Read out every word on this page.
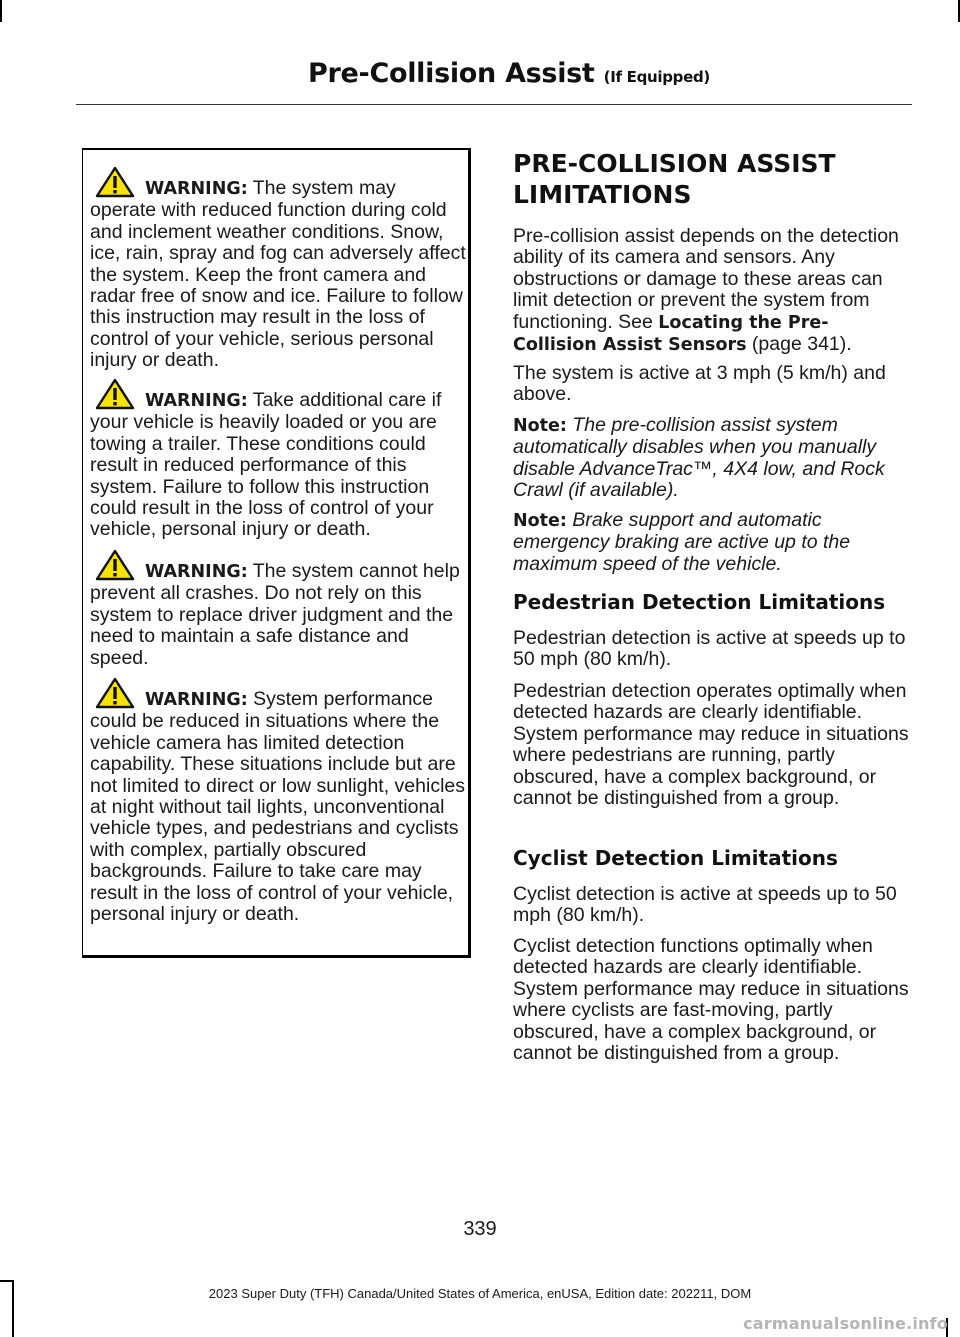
Pre-Collision Assist (If Equipped)

WARNING: The system may operate with reduced function during cold and inclement weather conditions. Snow, ice, rain, spray and fog can adversely affect the system. Keep the front camera and radar free of snow and ice. Failure to follow this instruction may result in the loss of control of your vehicle, serious personal injury or death.

WARNING: Take additional care if your vehicle is heavily loaded or you are towing a trailer. These conditions could result in reduced performance of this system. Failure to follow this instruction could result in the loss of control of your vehicle, personal injury or death.

WARNING: The system cannot help prevent all crashes. Do not rely on this system to replace driver judgment and the need to maintain a safe distance and speed.

WARNING: System performance could be reduced in situations where the vehicle camera has limited detection capability. These situations include but are not limited to direct or low sunlight, vehicles at night without tail lights, unconventional vehicle types, and pedestrians and cyclists with complex, partially obscured backgrounds. Failure to take care may result in the loss of control of your vehicle, personal injury or death.

PRE-COLLISION ASSIST LIMITATIONS

Pre-collision assist depends on the detection ability of its camera and sensors. Any obstructions or damage to these areas can limit detection or prevent the system from functioning. See Locating the Pre-Collision Assist Sensors (page 341).

The system is active at 3 mph (5 km/h) and above.

Note: The pre-collision assist system automatically disables when you manually disable AdvanceTrac™, 4X4 low, and Rock Crawl (if available).

Note: Brake support and automatic emergency braking are active up to the maximum speed of the vehicle.

Pedestrian Detection Limitations

Pedestrian detection is active at speeds up to 50 mph (80 km/h).

Pedestrian detection operates optimally when detected hazards are clearly identifiable. System performance may reduce in situations where pedestrians are running, partly obscured, have a complex background, or cannot be distinguished from a group.

Cyclist Detection Limitations

Cyclist detection is active at speeds up to 50 mph (80 km/h).

Cyclist detection functions optimally when detected hazards are clearly identifiable. System performance may reduce in situations where cyclists are fast-moving, partly obscured, have a complex background, or cannot be distinguished from a group.

339
2023 Super Duty (TFH) Canada/United States of America, enUSA, Edition date: 202211, DOM
carmanualsonline.info
